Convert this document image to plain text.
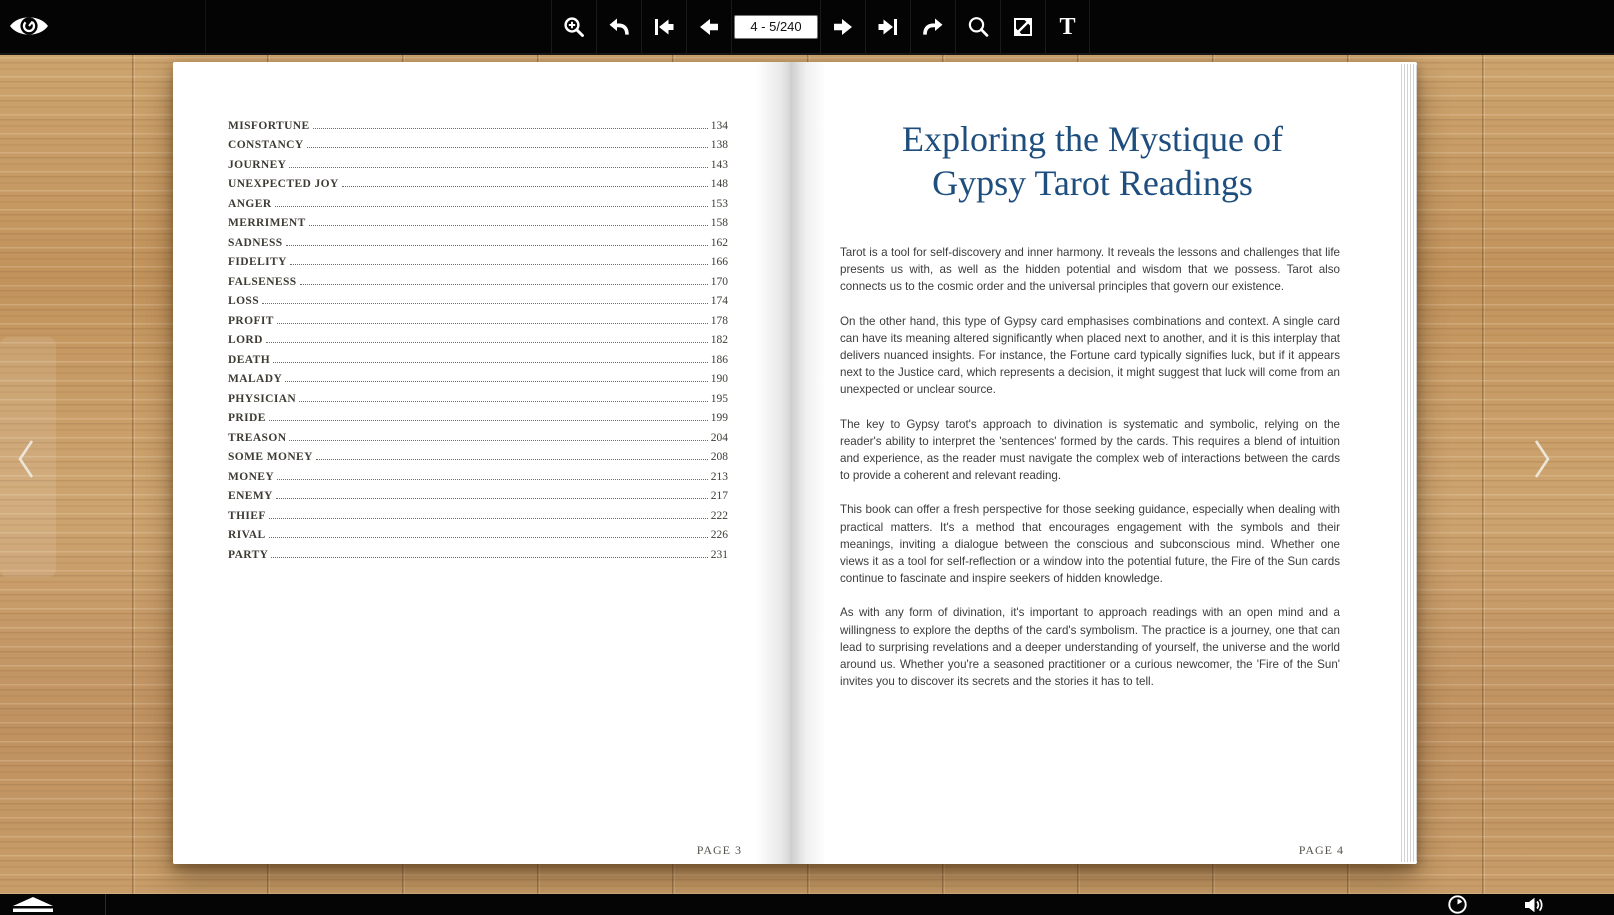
4 - 5/240
T
MISFORTUNE	134
CONSTANCY	138
JOURNEY	143
UNEXPECTED JOY	148
ANGER	153
MERRIMENT	158
SADNESS	162
FIDELITY	166
FALSENESS	170
LOSS	174
PROFIT	178
LORD	182
DEATH	186
MALADY	190
PHYSICIAN	195
PRIDE	199
TREASON	204
SOME MONEY	208
MONEY	213
ENEMY	217
THIEF	222
RIVAL	226
PARTY	231
PAGE 3
Exploring the Mystique of
Gypsy Tarot Readings

Tarot is a tool for self-discovery and inner harmony. It reveals the lessons and challenges that life presents us with, as well as the hidden potential and wisdom that we possess. Tarot also connects us to the cosmic order and the universal principles that govern our existence.

On the other hand, this type of Gypsy card emphasises combinations and context. A single card can have its meaning altered significantly when placed next to another, and it is this interplay that delivers nuanced insights. For instance, the Fortune card typically signifies luck, but if it appears next to the Justice card, which represents a decision, it might suggest that luck will come from an unexpected or unclear source.

The key to Gypsy tarot's approach to divination is systematic and symbolic, relying on the reader's ability to interpret the 'sentences' formed by the cards. This requires a blend of intuition and experience, as the reader must navigate the complex web of interactions between the cards to provide a coherent and relevant reading.

This book can offer a fresh perspective for those seeking guidance, especially when dealing with practical matters. It's a method that encourages engagement with the symbols and their meanings, inviting a dialogue between the conscious and subconscious mind. Whether one views it as a tool for self-reflection or a window into the potential future, the Fire of the Sun cards continue to fascinate and inspire seekers of hidden knowledge.

As with any form of divination, it's important to approach readings with an open mind and a willingness to explore the depths of the card's symbolism. The practice is a journey, one that can lead to surprising revelations and a deeper understanding of yourself, the universe and the world around us. Whether you're a seasoned practitioner or a curious newcomer, the 'Fire of the Sun' invites you to discover its secrets and the stories it has to tell.

PAGE 4
